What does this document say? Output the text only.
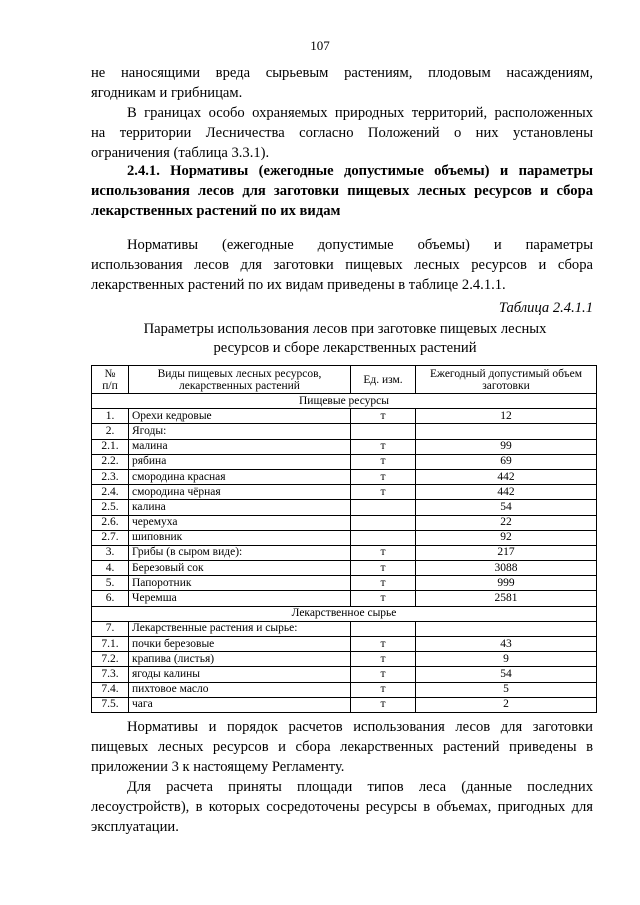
107
не наносящими вреда сырьевым растениям, плодовым насаждениям,
ягодникам и грибницам.
В границах особо охраняемых природных территорий, расположенных
на территории Лесничества согласно Положений о них установлены
ограничения (таблица 3.3.1).
2.4.1. Нормативы (ежегодные допустимые объемы) и параметры
использования лесов для заготовки пищевых лесных ресурсов и сбора
лекарственных растений по их видам
Нормативы (ежегодные допустимые объемы) и параметры
использования лесов для заготовки пищевых лесных ресурсов и сбора
лекарственных растений по их видам приведены в таблице 2.4.1.1.
Таблица 2.4.1.1
Параметры использования лесов при заготовке пищевых лесных
ресурсов и сборе лекарственных растений
№
п/п	Виды пищевых лесных ресурсов,
лекарственных растений	Ед. изм.	Ежегодный допустимый объем
заготовки
Пищевые ресурсы			
1.	Орехи кедровые	т	12
2.	Ягоды:		
2.1.	малина	т	99
2.2.	рябина	т	69
2.3.	смородина красная	т	442
2.4.	смородина чёрная	т	442
2.5.	калина		54
2.6.	черемуха		22
2.7.	шиповник		92
3.	Грибы (в сыром виде):	т	217
4.	Березовый сок	т	3088
5.	Папоротник	т	999
6.	Черемша	т	2581
Лекарственное сырье			
7.	Лекарственные растения и сырье:		
7.1.	почки березовые	т	43
7.2.	крапива (листья)	т	9
7.3.	ягоды калины	т	54
7.4.	пихтовое масло	т	5
7.5.	чага	т	2
Нормативы и порядок расчетов использования лесов для заготовки
пищевых лесных ресурсов и сбора лекарственных растений приведены в
приложении 3 к настоящему Регламенту.
Для расчета приняты площади типов леса (данные последних
лесоустройств), в которых сосредоточены ресурсы в объемах, пригодных для
эксплуатации.
